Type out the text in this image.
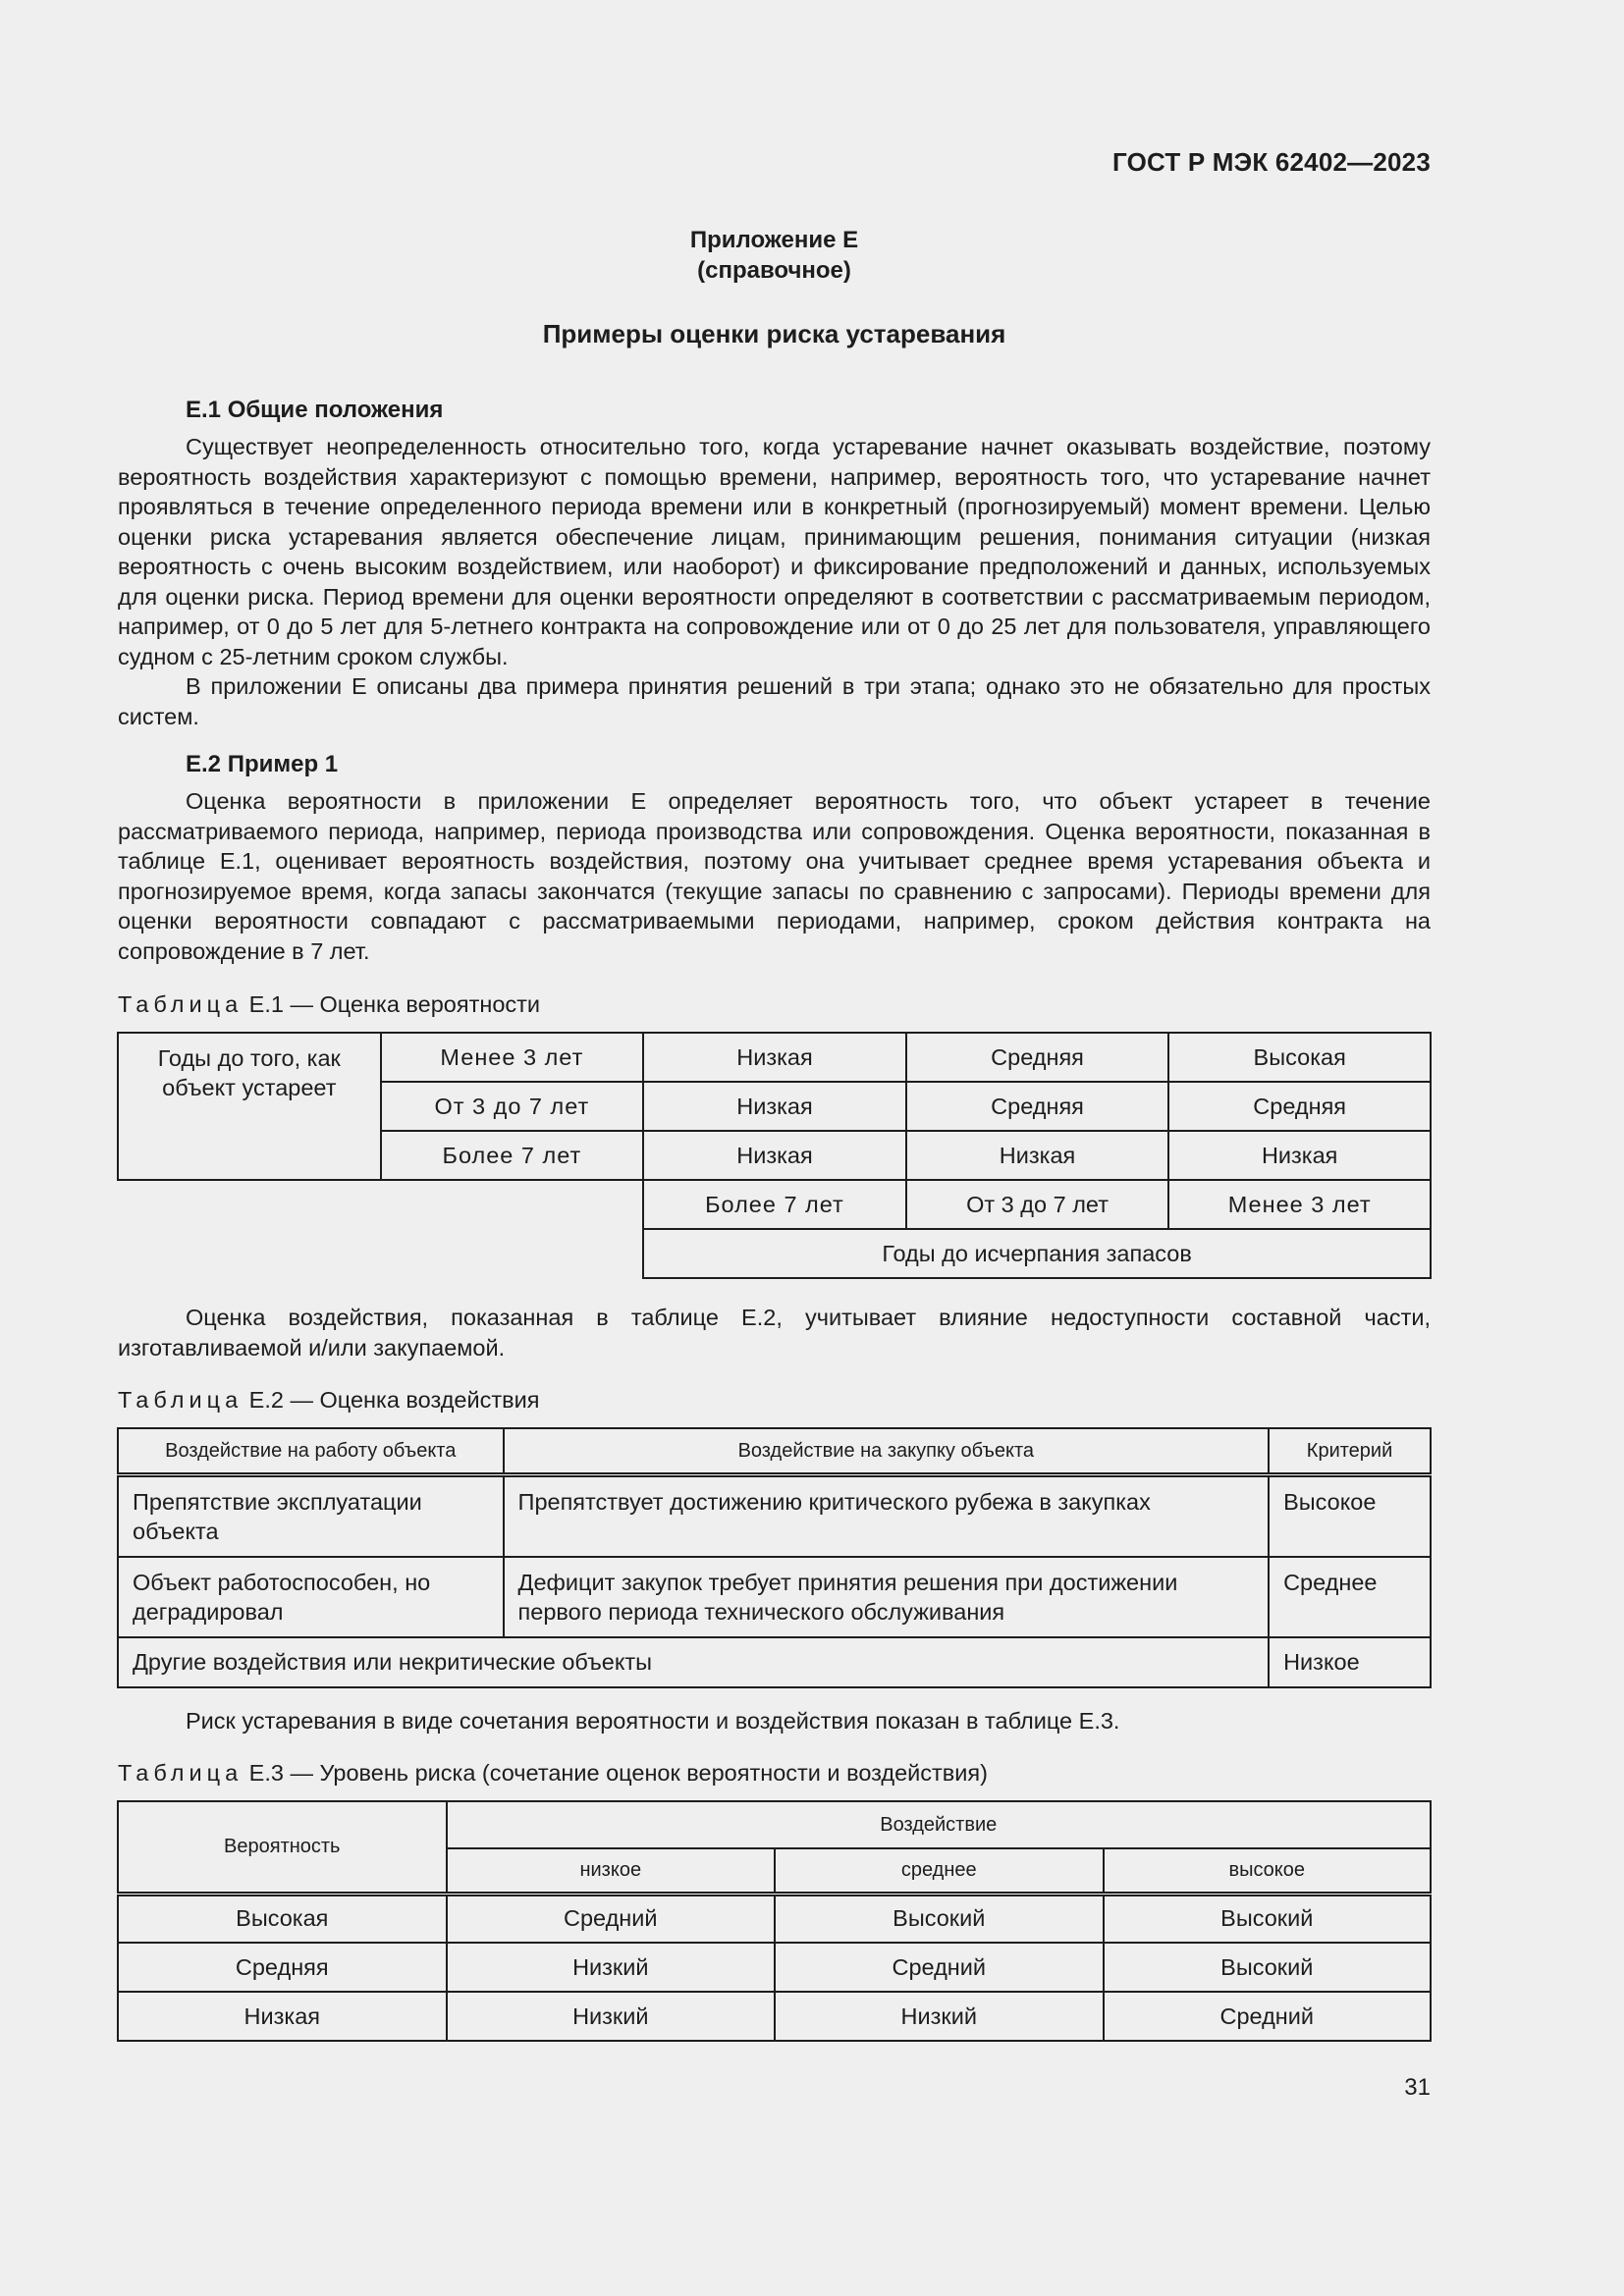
ГОСТ Р МЭК 62402—2023
Приложение Е
(справочное)
Примеры оценки риска устаревания
Е.1 Общие положения

Существует неопределенность относительно того, когда устаревание начнет оказывать воздействие, поэтому вероятность воздействия характеризуют с помощью времени, например, вероятность того, что устаревание начнет проявляться в течение определенного периода времени или в конкретный (прогнозируемый) момент времени. Целью оценки риска устаревания является обеспечение лицам, принимающим решения, понимания ситуации (низкая вероятность с очень высоким воздействием, или наоборот) и фиксирование предположений и данных, используемых для оценки риска. Период времени для оценки вероятности определяют в соответствии с рассматриваемым периодом, например, от 0 до 5 лет для 5-летнего контракта на сопровождение или от 0 до 25 лет для пользователя, управляющего судном с 25-летним сроком службы.

В приложении Е описаны два примера принятия решений в три этапа; однако это не обязательно для простых систем.

Е.2 Пример 1

Оценка вероятности в приложении Е определяет вероятность того, что объект устареет в течение рассматриваемого периода, например, периода производства или сопровождения. Оценка вероятности, показанная в таблице Е.1, оценивает вероятность воздействия, поэтому она учитывает среднее время устаревания объекта и прогнозируемое время, когда запасы закончатся (текущие запасы по сравнению с запросами). Периоды времени для оценки вероятности совпадают с рассматриваемыми периодами, например, сроком действия контракта на сопровождение в 7 лет.

Таблица Е.1 — Оценка вероятности
Годы до того, как объект устареет	Менее 3 лет	Низкая	Средняя	Высокая
	От 3 до 7 лет	Низкая	Средняя	Средняя
	Более 7 лет	Низкая	Низкая	Низкая
		Более 7 лет	От 3 до 7 лет	Менее 3 лет
		Годы до исчерпания запасов		

Оценка воздействия, показанная в таблице Е.2, учитывает влияние недоступности составной части, изготавливаемой и/или закупаемой.

Таблица Е.2 — Оценка воздействия
Воздействие на работу объекта	Воздействие на закупку объекта	Критерий
Препятствие эксплуатации объекта	Препятствует достижению критического рубежа в закупках	Высокое
Объект работоспособен, но деградировал	Дефицит закупок требует принятия решения при достижении первого периода технического обслуживания	Среднее
Другие воздействия или некритические объекты		Низкое

Риск устаревания в виде сочетания вероятности и воздействия показан в таблице Е.3.

Таблица Е.3 — Уровень риска (сочетание оценок вероятности и воздействия)
Вероятность	Воздействие		
	низкое	среднее	высокое
Высокая	Средний	Высокий	Высокий
Средняя	Низкий	Средний	Высокий
Низкая	Низкий	Низкий	Средний
31
